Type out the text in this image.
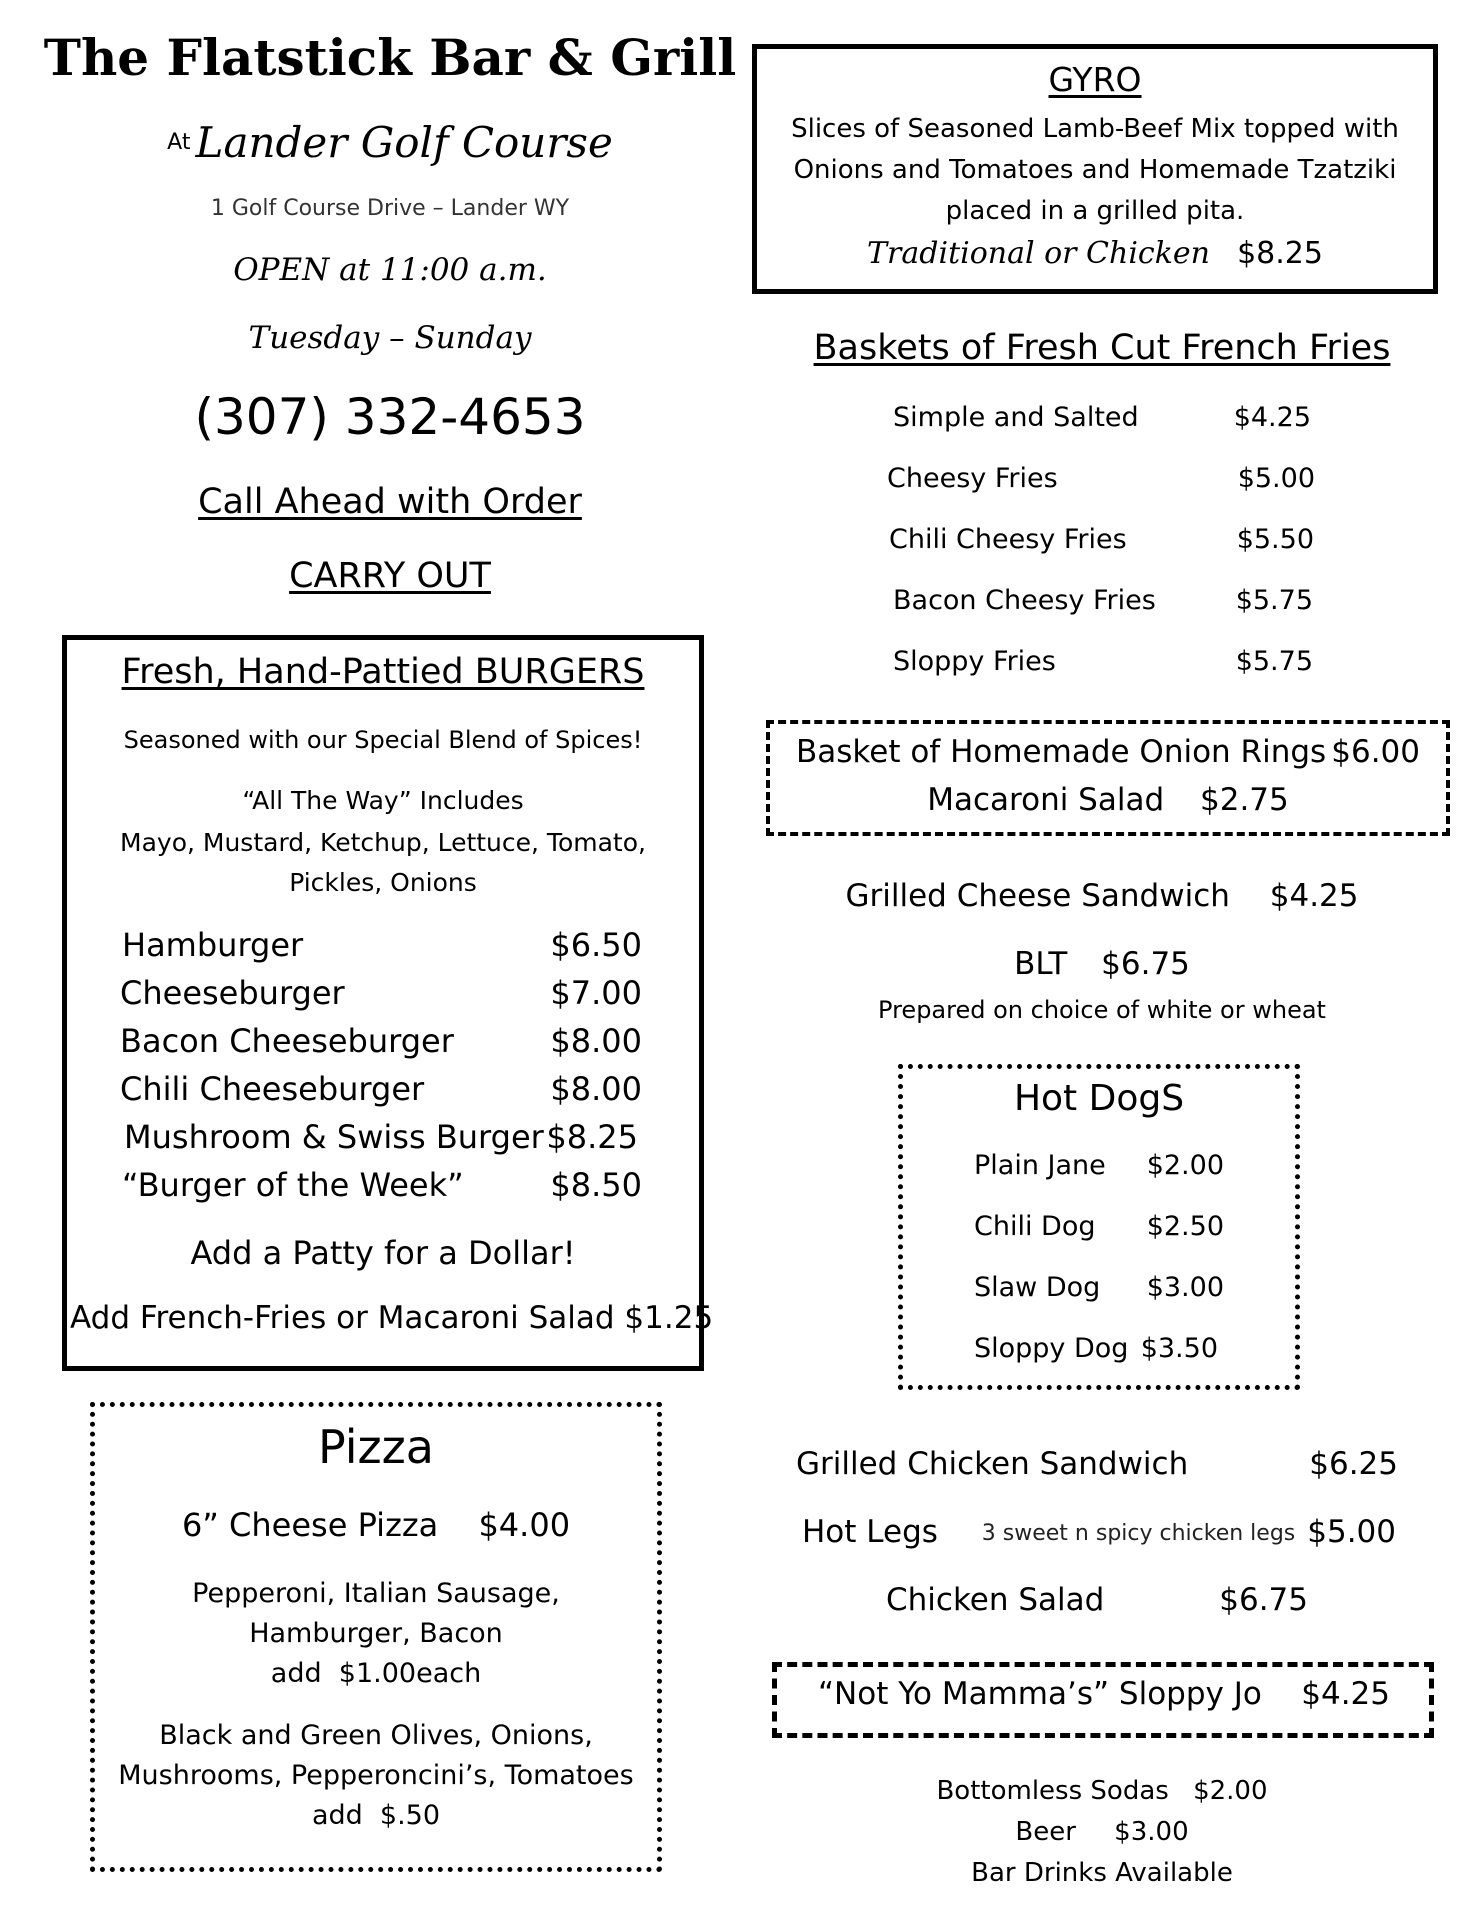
The Flatstick Bar & Grill
At Lander Golf Course
1 Golf Course Drive – Lander WY
OPEN at 11:00 a.m.
Tuesday – Sunday
(307) 332-4653
Call Ahead with Order
CARRY OUT
Fresh, Hand-Pattied BURGERS
Seasoned with our Special Blend of Spices!
“All The Way” Includes
Mayo, Mustard, Ketchup, Lettuce, Tomato,
Pickles, Onions
Hamburger	$6.50
Cheeseburger	$7.00
Bacon Cheeseburger	$8.00
Chili Cheeseburger	$8.00
Mushroom & Swiss Burger $8.25
“Burger of the Week”	$8.50
Add a Patty for a Dollar!
Add French-Fries or Macaroni Salad $1.25
Pizza
6” Cheese Pizza $4.00
Pepperoni, Italian Sausage,
Hamburger, Bacon
add  $1.00each
Black and Green Olives, Onions,
Mushrooms, Pepperoncini’s, Tomatoes
add  $.50
GYRO
Slices of Seasoned Lamb-Beef Mix topped with
Onions and Tomatoes and Homemade Tzatziki
placed in a grilled pita.
Traditional or Chicken $8.25
Baskets of Fresh Cut French Fries
Simple and Salted	$4.25
Cheesy Fries	$5.00
Chili Cheesy Fries	$5.50
Bacon Cheesy Fries	$5.75
Sloppy Fries	$5.75
Basket of Homemade Onion Rings $6.00
Macaroni Salad $2.75
Grilled Cheese Sandwich $4.25
BLT $6.75
Prepared on choice of white or wheat
Hot DogS
Plain Jane $2.00
Chili Dog $2.50
Slaw Dog $3.00
Sloppy Dog $3.50
Grilled Chicken Sandwich	$6.25
Hot Legs 3 sweet n spicy chicken legs $5.00
Chicken Salad	$6.75
“Not Yo Mamma’s” Sloppy Jo $4.25
Bottomless Sodas $2.00
Beer $3.00
Bar Drinks Available
